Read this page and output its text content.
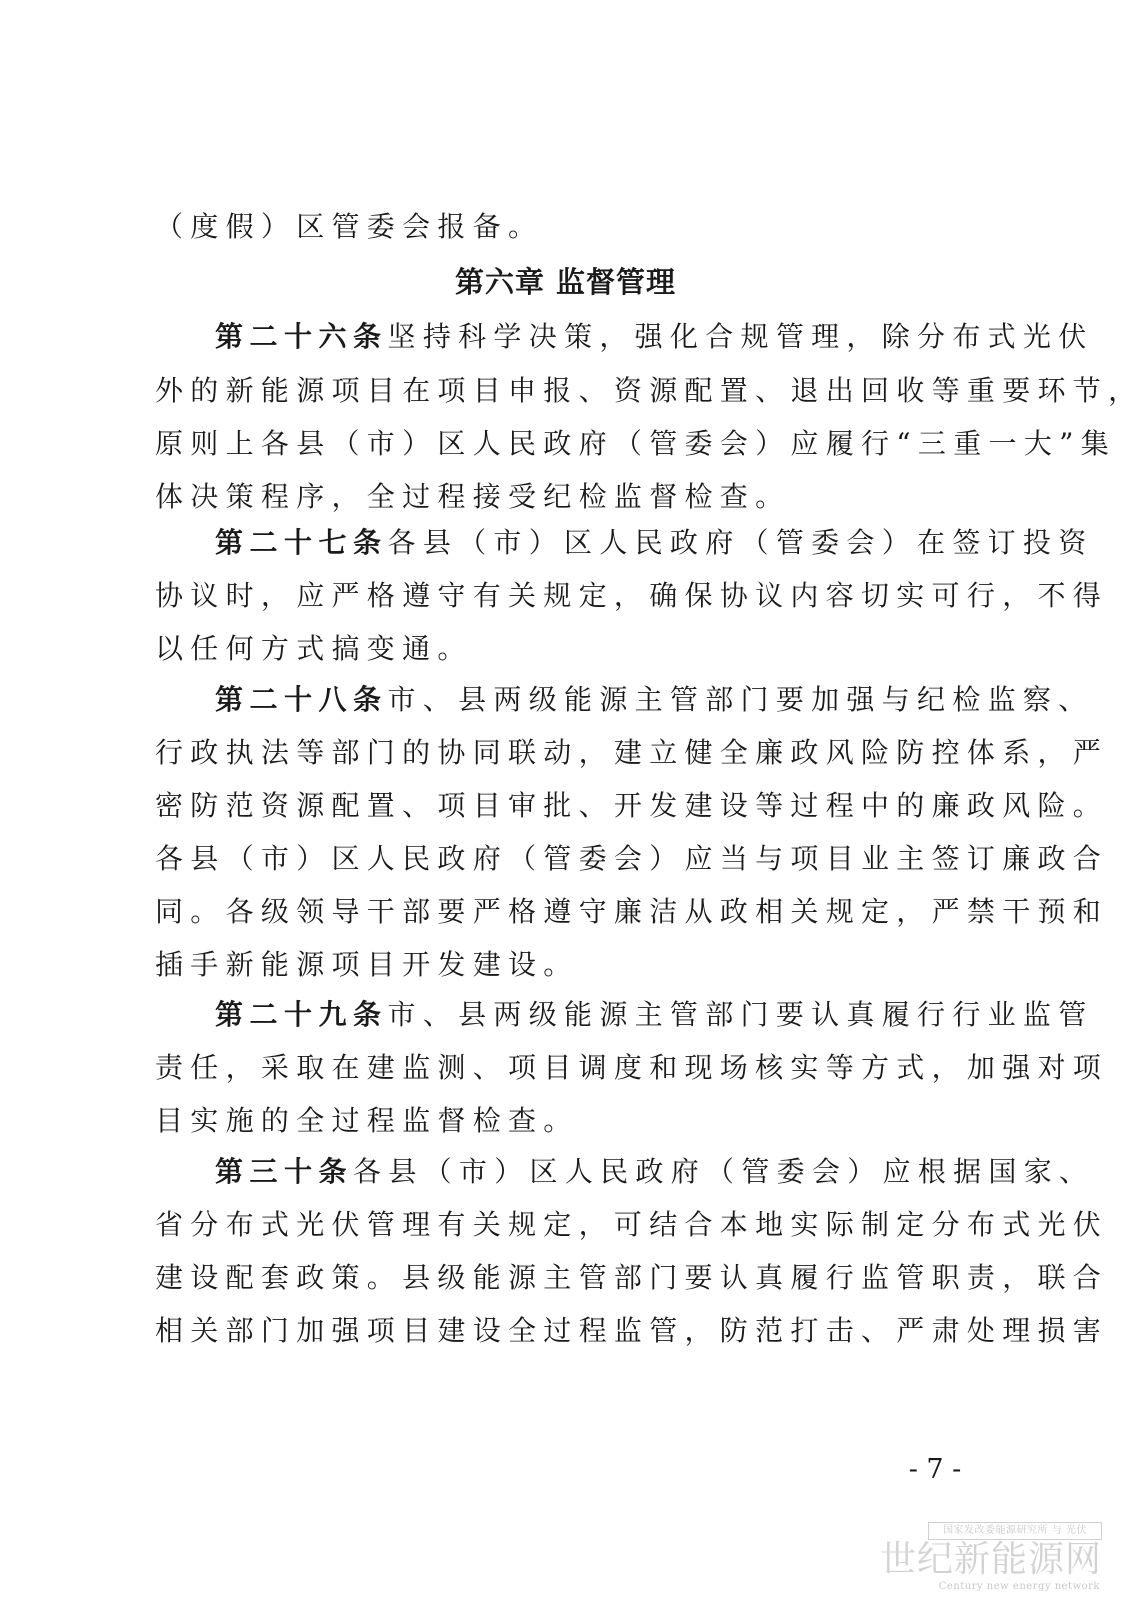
（度假）区管委会报备。
第六章 监督管理
第二十六条坚持科学决策，强化合规管理，除分布式光伏
外的新能源项目在项目申报、资源配置、退出回收等重要环节，
原则上各县（市）区人民政府（管委会）应履行“三重一大”集
体决策程序，全过程接受纪检监督检查。
第二十七条各县（市）区人民政府（管委会）在签订投资
协议时，应严格遵守有关规定，确保协议内容切实可行，不得
以任何方式搞变通。
第二十八条市、县两级能源主管部门要加强与纪检监察、
行政执法等部门的协同联动，建立健全廉政风险防控体系，严
密防范资源配置、项目审批、开发建设等过程中的廉政风险。
各县（市）区人民政府（管委会）应当与项目业主签订廉政合
同。各级领导干部要严格遵守廉洁从政相关规定，严禁干预和
插手新能源项目开发建设。
第二十九条市、县两级能源主管部门要认真履行行业监管
责任，采取在建监测、项目调度和现场核实等方式，加强对项
目实施的全过程监督检查。
第三十条各县（市）区人民政府（管委会）应根据国家、
省分布式光伏管理有关规定，可结合本地实际制定分布式光伏
建设配套政策。县级能源主管部门要认真履行监管职责，联合
相关部门加强项目建设全过程监管，防范打击、严肃处理损害
- 7 -
国家发改委能源研究所 与 光伏
世纪新能源网
Century new energy network
